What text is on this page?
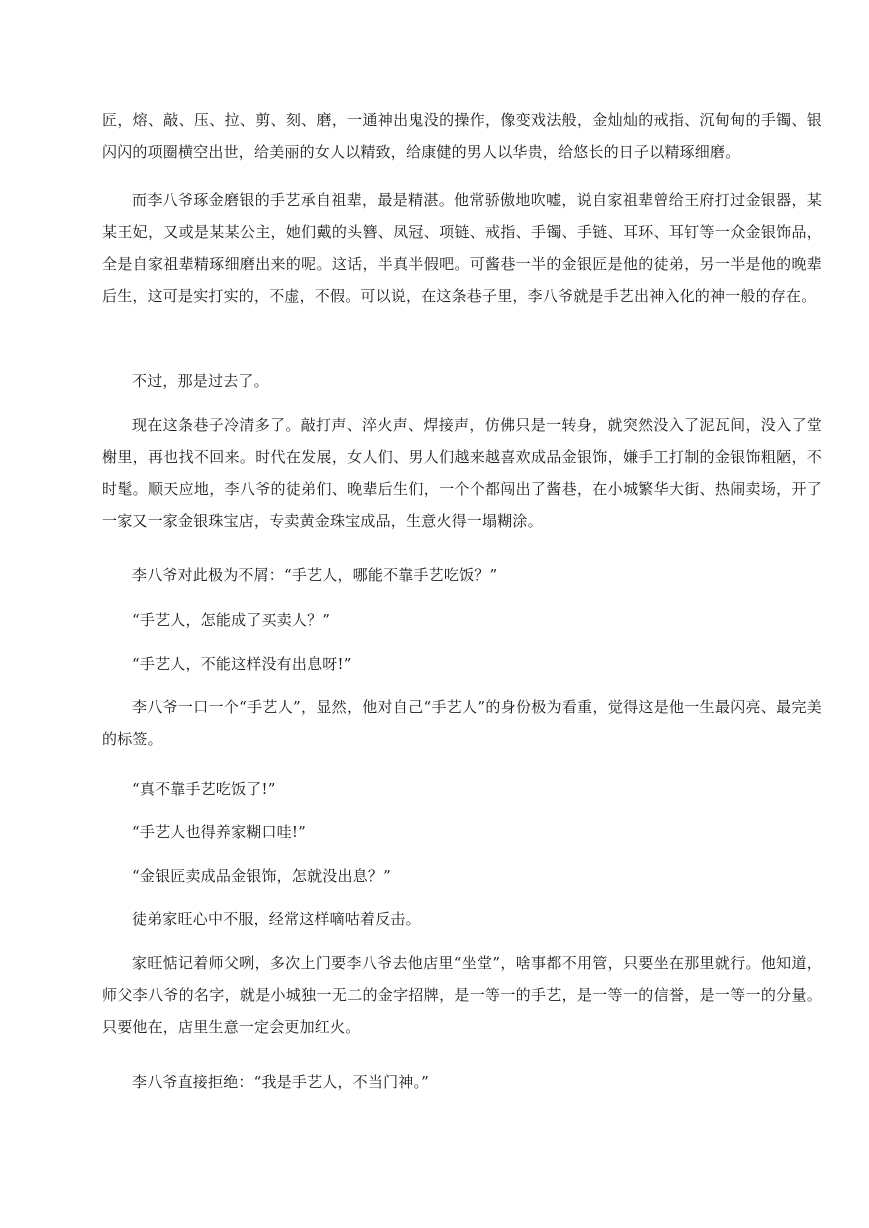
匠，熔、敲、压、拉、剪、刻、磨，一通神出鬼没的操作，像变戏法般，金灿灿的戒指、沉甸甸的手镯、银闪闪的项圈横空出世，给美丽的女人以精致，给康健的男人以华贵，给悠长的日子以精琢细磨。

而李八爷琢金磨银的手艺承自祖辈，最是精湛。他常骄傲地吹嘘，说自家祖辈曾给王府打过金银器，某某王妃，又或是某某公主，她们戴的头簪、凤冠、项链、戒指、手镯、手链、耳环、耳钉等一众金银饰品，全是自家祖辈精琢细磨出来的呢。这话，半真半假吧。可酱巷一半的金银匠是他的徒弟，另一半是他的晚辈后生，这可是实打实的，不虚，不假。可以说，在这条巷子里，李八爷就是手艺出神入化的神一般的存在。

不过，那是过去了。

现在这条巷子冷清多了。敲打声、淬火声、焊接声，仿佛只是一转身，就突然没入了泥瓦间，没入了堂榭里，再也找不回来。时代在发展，女人们、男人们越来越喜欢成品金银饰，嫌手工打制的金银饰粗陋，不时髦。顺天应地，李八爷的徒弟们、晚辈后生们，一个个都闯出了酱巷，在小城繁华大街、热闹卖场，开了一家又一家金银珠宝店，专卖黄金珠宝成品，生意火得一塌糊涂。

李八爷对此极为不屑：“手艺人，哪能不靠手艺吃饭？”

“手艺人，怎能成了买卖人？”

“手艺人，不能这样没有出息呀!”

李八爷一口一个“手艺人”，显然，他对自己“手艺人”的身份极为看重，觉得这是他一生最闪亮、最完美的标签。

“真不靠手艺吃饭了!”

“手艺人也得养家糊口哇!”

“金银匠卖成品金银饰，怎就没出息？”

徒弟家旺心中不服，经常这样嘀咕着反击。

家旺惦记着师父咧，多次上门要李八爷去他店里“坐堂”，啥事都不用管，只要坐在那里就行。他知道，师父李八爷的名字，就是小城独一无二的金字招牌，是一等一的手艺，是一等一的信誉，是一等一的分量。只要他在，店里生意一定会更加红火。

李八爷直接拒绝：“我是手艺人，不当门神。”
